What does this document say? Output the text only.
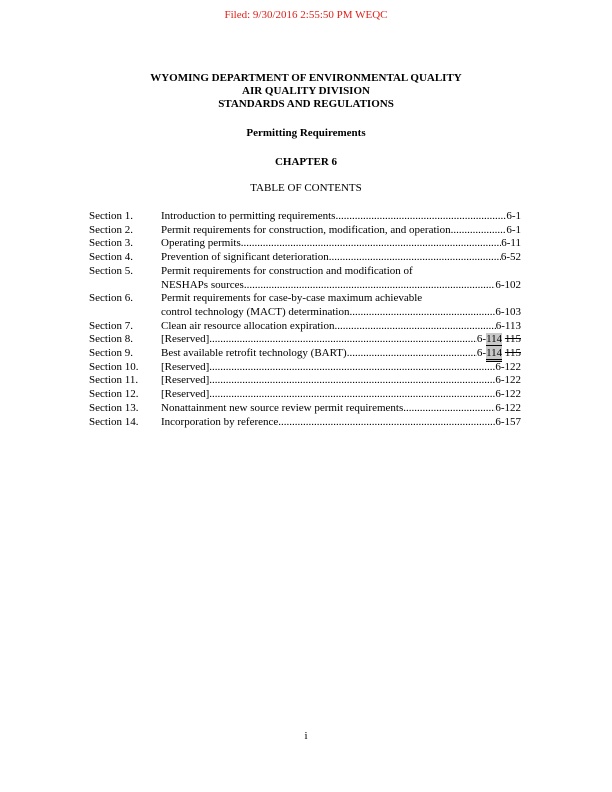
Filed: 9/30/2016 2:55:50 PM WEQC
WYOMING DEPARTMENT OF ENVIRONMENTAL QUALITY
AIR QUALITY DIVISION
STANDARDS AND REGULATIONS
Permitting Requirements
CHAPTER 6
TABLE OF CONTENTS
Section 1.	Introduction to permitting requirements .....	6-1
Section 2.	Permit requirements for construction, modification, and operation .....	6-1
Section 3.	Operating permits .....	6-11
Section 4.	Prevention of significant deterioration .....	6-52
Section 5.	Permit requirements for construction and modification of
NESHAPs sources .....	6-102
Section 6.	Permit requirements for case-by-case maximum achievable
control technology (MACT) determination .....	6-103
Section 7.	Clean air resource allocation expiration .....	6-113
Section 8.	[Reserved] .....	6-114 115
Section 9.	Best available retrofit technology (BART) .....	6-114 115
Section 10.	[Reserved] .....	6-122
Section 11.	[Reserved] .....	6-122
Section 12.	[Reserved] .....	6-122
Section 13.	Nonattainment new source review permit requirements .....	6-122
Section 14.	Incorporation by reference .....	6-157
i
